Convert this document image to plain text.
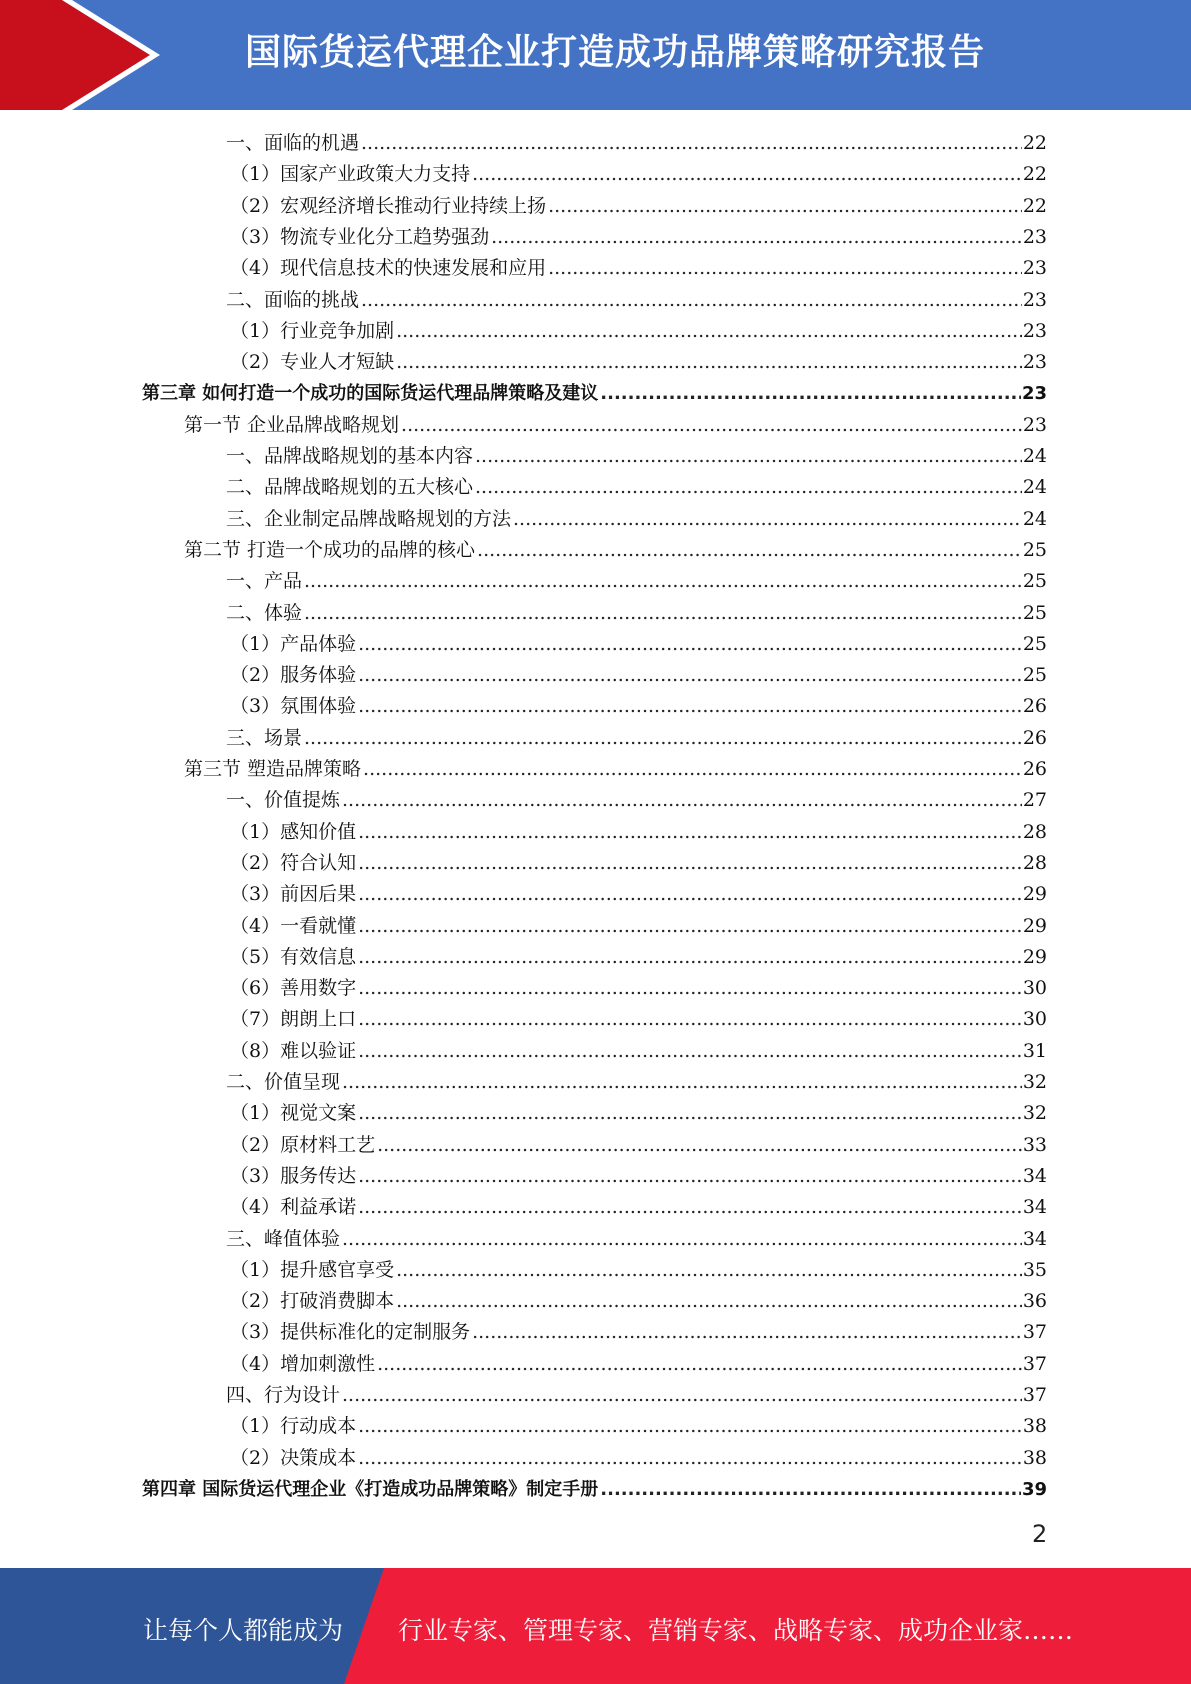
国际货运代理企业打造成功品牌策略研究报告
一、面临的机遇 .....	22
（1）国家产业政策大力支持 .....	22
（2）宏观经济增长推动行业持续上扬 .....	22
（3）物流专业化分工趋势强劲 .....	23
（4）现代信息技术的快速发展和应用 .....	23
二、面临的挑战 .....	23
（1）行业竞争加剧 .....	23
（2）专业人才短缺 .....	23
第三章 如何打造一个成功的国际货运代理品牌策略及建议 .....	23
第一节 企业品牌战略规划 .....	23
一、品牌战略规划的基本内容 .....	24
二、品牌战略规划的五大核心 .....	24
三、企业制定品牌战略规划的方法 .....	24
第二节 打造一个成功的品牌的核心 .....	25
一、产品 .....	25
二、体验 .....	25
（1）产品体验 .....	25
（2）服务体验 .....	25
（3）氛围体验 .....	26
三、场景 .....	26
第三节 塑造品牌策略 .....	26
一、价值提炼 .....	27
（1）感知价值 .....	28
（2）符合认知 .....	28
（3）前因后果 .....	29
（4）一看就懂 .....	29
（5）有效信息 .....	29
（6）善用数字 .....	30
（7）朗朗上口 .....	30
（8）难以验证 .....	31
二、价值呈现 .....	32
（1）视觉文案 .....	32
（2）原材料工艺 .....	33
（3）服务传达 .....	34
（4）利益承诺 .....	34
三、峰值体验 .....	34
（1）提升感官享受 .....	35
（2）打破消费脚本 .....	36
（3）提供标准化的定制服务 .....	37
（4）增加刺激性 .....	37
四、行为设计 .....	37
（1）行动成本 .....	38
（2）决策成本 .....	38
第四章 国际货运代理企业《打造成功品牌策略》制定手册 .....	39
2
让每个人都能成为 行业专家、管理专家、营销专家、战略专家、成功企业家……
